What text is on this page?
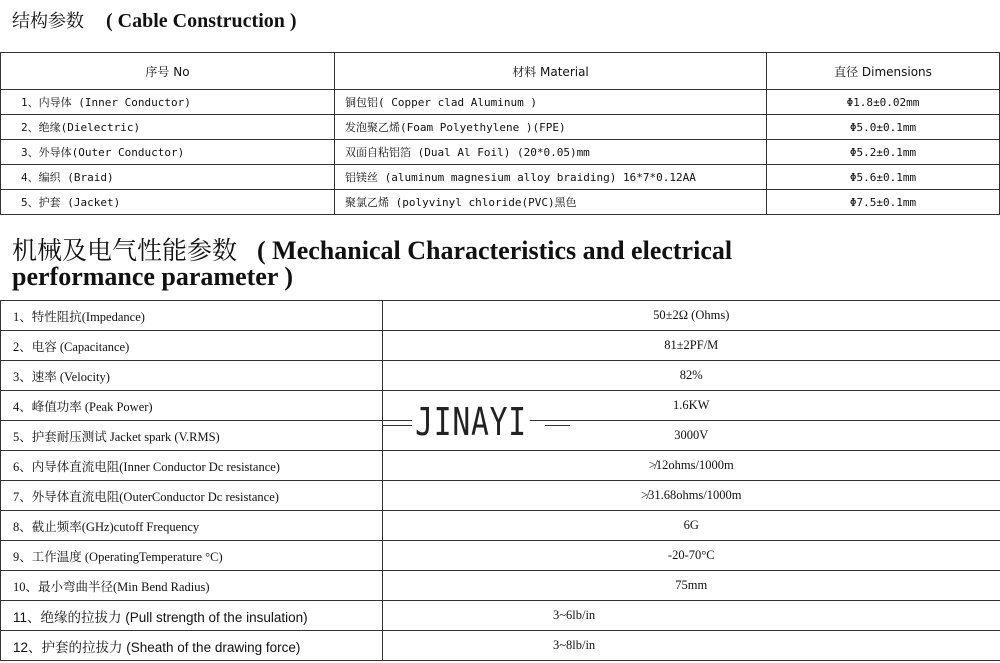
结构参数 ( Cable Construction )
序号 No	材料 Material	直径 Dimensions
1、内导体 (Inner Conductor)	铜包铝( Copper clad Aluminum )	Φ1.8±0.02mm
2、绝缘(Dielectric)	发泡聚乙烯(Foam Polyethylene )(FPE)	Φ5.0±0.1mm
3、外导体(Outer Conductor)	双面自粘铝箔 (Dual Al Foil) (20*0.05)mm	Φ5.2±0.1mm
4、编织 (Braid)	铝镁丝 (aluminum magnesium alloy braiding) 16*7*0.12AA	Φ5.6±0.1mm
5、护套 (Jacket)	聚氯乙烯 (polyvinyl chloride(PVC)黑色	Φ7.5±0.1mm
机械及电气性能参数 ( Mechanical Characteristics and electrical
performance parameter )
1、特性阻抗(Impedance)	50±2Ω (Ohms)
2、电容 (Capacitance)	81±2PF/M
3、速率 (Velocity)	82%
4、峰值功率 (Peak Power)	1.6KW
5、护套耐压测试 Jacket spark (V.RMS)	3000V
6、内导体直流电阻(Inner Conductor Dc resistance)	≯12ohms/1000m
7、外导体直流电阻(OuterConductor Dc resistance)	≯31.68ohms/1000m
8、截止频率(GHz)cutoff Frequency	6G
9、工作温度 (OperatingTemperature °C)	-20-70°C
10、最小弯曲半径(Min Bend Radius)	75mm
11、绝缘的拉拔力 (Pull strength of the insulation)	3~6lb/in
12、护套的拉拔力 (Sheath of the drawing force)	3~8lb/in
JINAYI
